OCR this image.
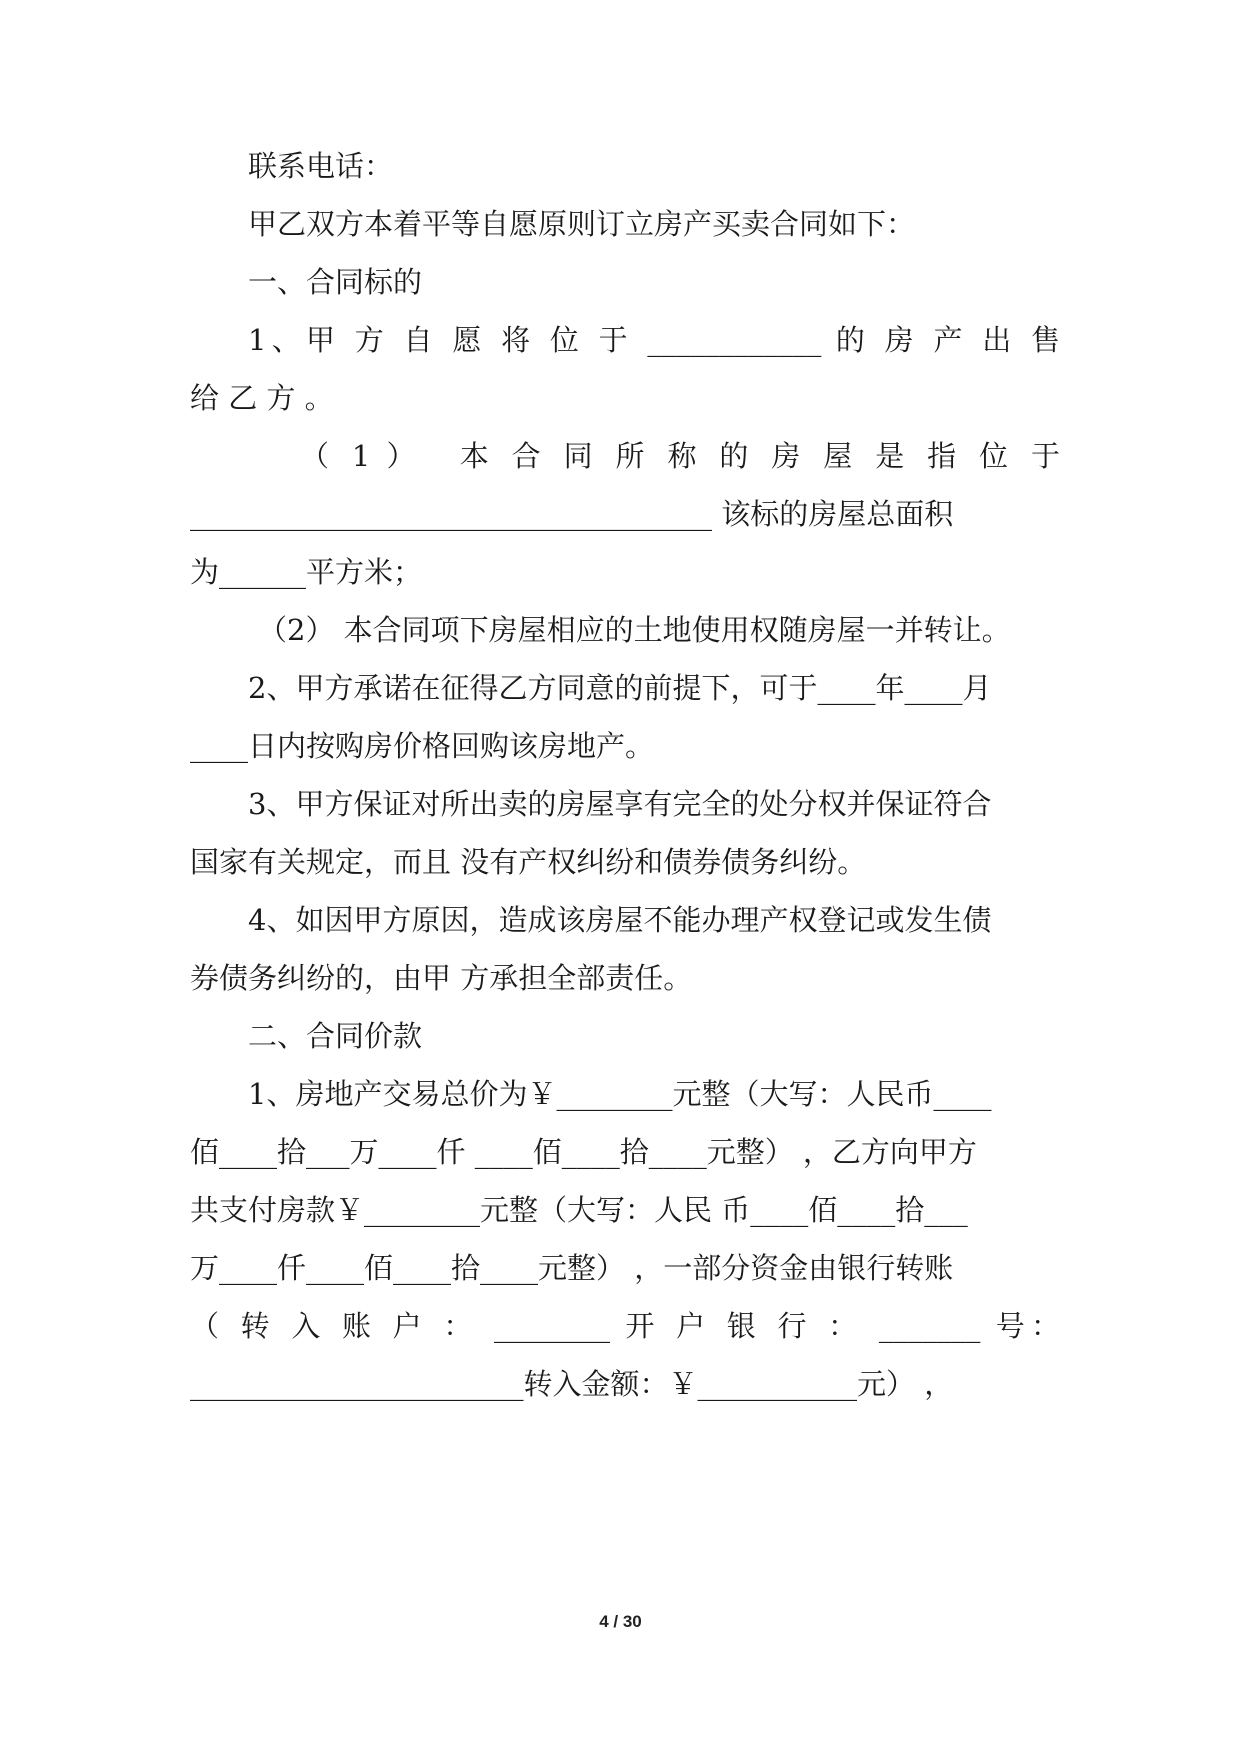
联系电话：
甲乙双方本着平等自愿原则订立房产买卖合同如下：
一、合同标的
1、甲 方 自 愿 将 位 于 ____________ 的 房 产 出 售
给 乙 方 。
（ 1 ）　 本 合 同 所 称 的 房 屋 是 指 位 于
____________________________________ 该标的房屋总面积
为______平方米；
（2） 本合同项下房屋相应的土地使用权随房屋一并转让。
2、甲方承诺在征得乙方同意的前提下，可于____年____月
____日内按购房价格回购该房地产。
3、甲方保证对所出卖的房屋享有完全的处分权并保证符合
国家有关规定，而且 没有产权纠纷和债券债务纠纷。
4、如因甲方原因，造成该房屋不能办理产权登记或发生债
券债务纠纷的，由甲 方承担全部责任。
二、合同价款
1、房地产交易总价为￥________元整（大写：人民币____
佰____拾___万____仟 ____佰____拾____元整） ，乙方向甲方
共支付房款￥________元整（大写：人民 币____佰____拾___
万____仟____佰____拾____元整） ，一部分资金由银行转账
（ 转 入 账 户 ： ________ 开 户 银 行 ： _______ 号：
_______________________转入金额：￥___________元） ，
4 / 30
